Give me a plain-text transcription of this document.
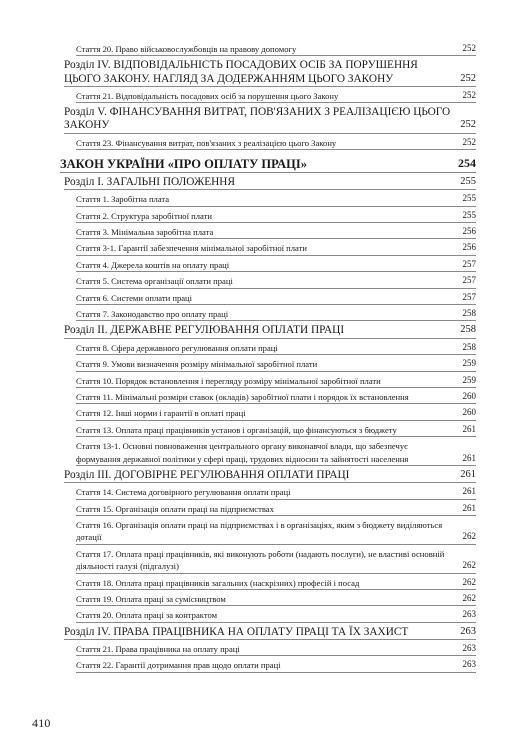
Стаття 20. Право військовослужбовців на правову допомогу	252
Розділ IV. ВІДПОВІДАЛЬНІСТЬ ПОСАДОВИХ ОСІБ ЗА ПОРУШЕННЯ ЦЬОГО ЗАКОНУ. НАГЛЯД ЗА ДОДЕРЖАННЯМ ЦЬОГО ЗАКОНУ	252
Стаття 21. Відповідальність посадових осіб за порушення цього Закону	252
Розділ V. ФІНАНСУВАННЯ ВИТРАТ, ПОВ'ЯЗАНИХ З РЕАЛІЗАЦІЄЮ ЦЬОГО ЗАКОНУ	252
Стаття 23. Фінансування витрат, пов'язаних з реалізацією цього Закону	252
ЗАКОН УКРАЇНИ «ПРО ОПЛАТУ ПРАЦІ»	254
Розділ I. ЗАГАЛЬНІ ПОЛОЖЕННЯ	255
Стаття 1. Заробітна плата	255
Стаття 2. Структура заробітної плати	255
Стаття 3. Мінімальна заробітна плата	256
Стаття 3-1. Гарантії забезпечення мінімальної заробітної плати	256
Стаття 4. Джерела коштів на оплату праці	257
Стаття 5. Система організації оплати праці	257
Стаття 6. Системи оплати праці	257
Стаття 7. Законодавство про оплату праці	258
Розділ II. ДЕРЖАВНЕ РЕГУЛЮВАННЯ ОПЛАТИ ПРАЦІ	258
Стаття 8. Сфера державного регулювання оплати праці	258
Стаття 9. Умови визначення розміру мінімальної заробітної плати	259
Стаття 10. Порядок встановлення і перегляду розміру мінімальної заробітної плати	259
Стаття 11. Мінімальні розміри ставок (окладів) заробітної плати і порядок їх встановлення	260
Стаття 12. Інші норми і гарантії в оплаті праці	260
Стаття 13. Оплата праці працівників установ і організацій, що фінансуються з бюджету	261
Стаття 13-1. Основні повноваження центрального органу виконавчої влади, що забезпечує формування державної політики у сфері праці, трудових відносин та зайнятості населення	261
Розділ III. ДОГОВІРНЕ РЕГУЛЮВАННЯ ОПЛАТИ ПРАЦІ	261
Стаття 14. Система договірного регулювання оплати праці	261
Стаття 15. Організація оплати праці на підприємствах	261
Стаття 16. Організація оплати праці на підприємствах і в організаціях, яким з бюджету виділяються дотації	262
Стаття 17. Оплата праці працівників, які виконують роботи (надають послуги), не властиві основній діяльності галузі (підгалузі)	262
Стаття 18. Оплата праці працівників загальних (наскрізних) професій і посад	262
Стаття 19. Оплата праці за сумісництвом	262
Стаття 20. Оплата праці за контрактом	263
Розділ IV. ПРАВА ПРАЦІВНИКА НА ОПЛАТУ ПРАЦІ ТА ЇХ ЗАХИСТ	263
Стаття 21. Права працівника на оплату праці	263
Стаття 22. Гарантії дотримання прав щодо оплати праці	263
410
